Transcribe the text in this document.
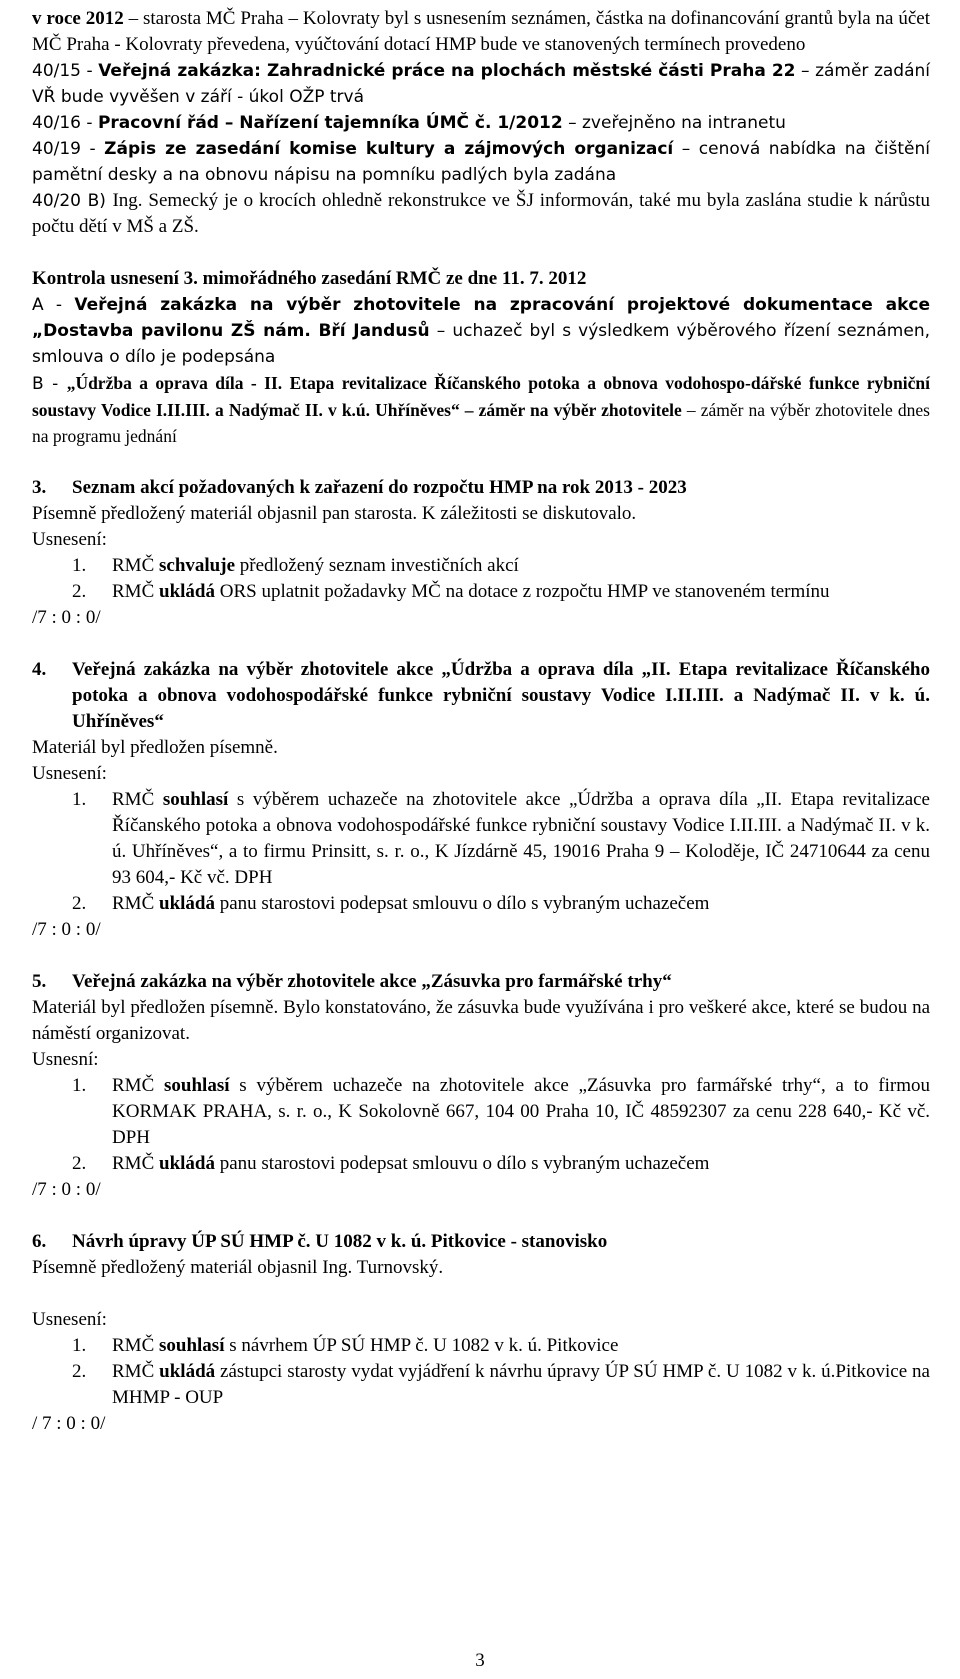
v roce 2012 – starosta MČ Praha – Kolovraty byl s usnesením seznámen, částka na dofinancování grantů byla na účet MČ Praha - Kolovraty převedena, vyúčtování dotací HMP bude ve stanovených termínech provedeno

40/15 - Veřejná zakázka: Zahradnické práce na plochách městské části Praha 22 – záměr zadání VŘ bude vyvěšen v září - úkol OŽP trvá

40/16 - Pracovní řád – Nařízení tajemníka ÚMČ č. 1/2012 – zveřejněno na intranetu

40/19 - Zápis ze zasedání komise kultury a zájmových organizací – cenová nabídka na čištění pamětní desky a na obnovu nápisu na pomníku padlých byla zadána

40/20 B) Ing. Semecký je o krocích ohledně rekonstrukce ve ŠJ informován, také mu byla zaslána studie k nárůstu počtu dětí v MŠ a ZŠ.

Kontrola usnesení 3. mimořádného zasedání RMČ ze dne 11. 7. 2012

A - Veřejná zakázka na výběr zhotovitele na zpracování projektové dokumentace akce „Dostavba pavilonu ZŠ nám. Bří Jandusů – uchazeč byl s výsledkem výběrového řízení seznámen, smlouva o dílo je podepsána

B - „Údržba a oprava díla - II. Etapa revitalizace Říčanského potoka a obnova vodohospo-dářské funkce rybniční soustavy Vodice I.II.III. a Nadýmač II. v k.ú. Uhříněves“ – záměr na výběr zhotovitele – záměr na výběr zhotovitele dnes na programu jednání

3.	Seznam akcí požadovaných k zařazení do rozpočtu HMP na rok 2013 - 2023

Písemně předložený materiál objasnil pan starosta. K záležitosti se diskutovalo.

Usnesení:

1.	RMČ schvaluje předložený seznam investičních akcí
2.	RMČ ukládá ORS uplatnit požadavky MČ na dotace z rozpočtu HMP ve stanoveném termínu

/7 : 0 : 0/

4.	Veřejná zakázka na výběr zhotovitele akce „Údržba a oprava díla „II. Etapa revitalizace Říčanského potoka a obnova vodohospodářské funkce rybniční soustavy Vodice I.II.III. a Nadýmač II. v k. ú. Uhříněves“

Materiál byl předložen písemně.

Usnesení:

1.	RMČ souhlasí s výběrem uchazeče na zhotovitele akce „Údržba a oprava díla „II. Etapa revitalizace Říčanského potoka a obnova vodohospodářské funkce rybniční soustavy Vodice I.II.III. a Nadýmač II. v k. ú. Uhříněves“, a to firmu Prinsitt, s. r. o., K Jízdárně 45, 19016 Praha 9 – Koloděje, IČ 24710644 za cenu 93 604,- Kč vč. DPH
2.	RMČ ukládá panu starostovi podepsat smlouvu o dílo s vybraným uchazečem

/7 : 0 : 0/

5.	Veřejná zakázka na výběr zhotovitele akce „Zásuvka pro farmářské trhy“

Materiál byl předložen písemně. Bylo konstatováno, že zásuvka bude využívána i pro veškeré akce, které se budou na náměstí organizovat.

Usnesní:

1.	RMČ souhlasí s výběrem uchazeče na zhotovitele akce „Zásuvka pro farmářské trhy“, a to firmou KORMAK PRAHA, s. r. o., K Sokolovně 667, 104 00 Praha 10, IČ 48592307 za cenu 228 640,- Kč vč. DPH
2.	RMČ ukládá panu starostovi podepsat smlouvu o dílo s vybraným uchazečem

/7 : 0 : 0/

6.	Návrh úpravy ÚP SÚ HMP č. U 1082 v k. ú. Pitkovice - stanovisko

Písemně předložený materiál objasnil Ing. Turnovský.

Usnesení:

1.	RMČ souhlasí s návrhem ÚP SÚ HMP č. U 1082 v k. ú. Pitkovice
2.	RMČ ukládá zástupci starosty vydat vyjádření k návrhu úpravy ÚP SÚ HMP č. U 1082 v k. ú.Pitkovice na MHMP - OUP

/ 7 : 0 : 0/

3
